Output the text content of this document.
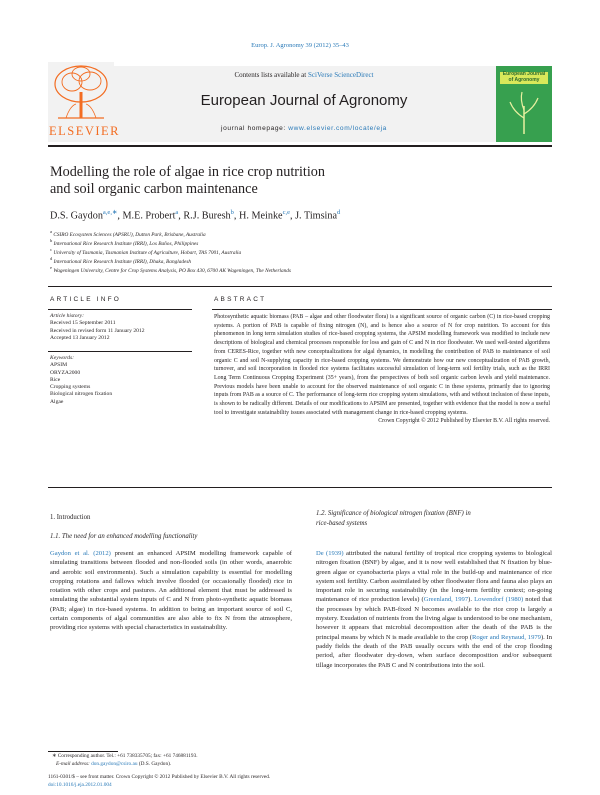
Europ. J. Agronomy 39 (2012) 35–43
ELSEVIER
Contents lists available at SciVerse ScienceDirect
European Journal of Agronomy
journal homepage: www.elsevier.com/locate/eja
European Journal of Agronomy
Modelling the role of algae in rice crop nutrition
and soil organic carbon maintenance
D.S. Gaydon$^{a,e,∗}$, M.E. Probert$^a$, R.J. Buresh$^b$, H. Meinke$^{c,e}$, J. Timsina$^d$
$^a$ CSIRO Ecosystem Sciences (APSRU), Dutton Park, Brisbane, Australia
$^b$ International Rice Research Institute (IRRI), Los Baños, Philippines
$^c$ University of Tasmania, Tasmanian Institute of Agriculture, Hobart, TAS 7001, Australia
$^d$ International Rice Research Institute (IRRI), Dhaka, Bangladesh
$^e$ Wageningen University, Centre for Crop Systems Analysis, PO Box 430, 6700 AK Wageningen, The Netherlands
ARTICLE INFO	ABSTRACT
Article history:
Received 15 September 2011
Received in revised form 11 January 2012
Accepted 13 January 2012
Keywords:
APSIM
ORYZA2000
Rice
Cropping systems
Biological nitrogen fixation
Algae
Photosynthetic aquatic biomass (PAB – algae and other floodwater flora) is a significant source of organic carbon (C) in rice-based cropping systems. A portion of PAB is capable of fixing nitrogen (N), and is hence also a source of N for crop nutrition. To account for this phenomenon in long term simulation studies of rice-based cropping systems, the APSIM modelling framework was modified to include new descriptions of biological and chemical processes responsible for loss and gain of C and N in rice floodwater. We used well-tested algorithms from CERES-Rice, together with new conceptualizations for algal dynamics, in modelling the contribution of PAB to maintenance of soil organic C and soil N-supplying capacity in rice-based cropping systems. We demonstrate how our new conceptualization of PAB growth, turnover, and soil incorporation in flooded rice systems facilitates successful simulation of long-term soil fertility trials, such as the IRRI Long Term Continuous Cropping Experiment (35+ years), from the perspectives of both soil organic carbon levels and yield maintenance. Previous models have been unable to account for the observed maintenance of soil organic C in these systems, primarily due to ignoring inputs from PAB as a source of C. The performance of long-term rice cropping system simulations, with and without inclusion of these inputs, is shown to be radically different. Details of our modifications to APSIM are presented, together with evidence that the model is now a useful tool to investigate sustainability issues associated with management change in rice-based cropping systems.
Crown Copyright © 2012 Published by Elsevier B.V. All rights reserved.
1. Introduction
1.1. The need for an enhanced modelling functionality
Gaydon et al. (2012) present an enhanced APSIM modelling framework capable of simulating transitions between flooded and non-flooded soils (in other words, anaerobic and aerobic soil environments). Such a simulation capability is essential for modelling cropping rotations and fallows which involve flooded (or occasionally flooded) rice in rotation with other crops and pastures. An additional element that must be addressed is simulating the substantial system inputs of C and N from photo-synthetic aquatic biomass (PAB; algae) in rice-based systems. In addition to being an important source of soil C, certain components of algal communities are also able to fix N from the atmosphere, providing rice systems with special characteristics in sustainability.
1.2. Significance of biological nitrogen fixation (BNF) in
rice-based systems
De (1939) attributed the natural fertility of tropical rice cropping systems to biological nitrogen fixation (BNF) by algae, and it is now well established that N fixation by blue-green algae or cyanobacteria plays a vital role in the build-up and maintenance of rice system soil fertility. Carbon assimilated by other floodwater flora and fauna also plays an important role in securing sustainability (in the long-term fertility context; on-going maintenance of rice production levels) (Greenland, 1997). Lowendorf (1980) noted that the processes by which PAB-fixed N becomes available to the rice crop is largely a mystery. Exudation of nutrients from the living algae is understood to be one mechanism, however it appears that microbial decomposition after the death of the PAB is the principal means by which N is made available to the crop (Roger and Reynaud, 1979). In paddy fields the death of the PAB usually occurs with the end of the crop flooding period, after floodwater dry-down, when surface decomposition and/or subsequent tillage incorporates the PAB C and N contributions into the soil.
∗ Corresponding author. Tel.: +61 738335705; fax: +61 746881193.
E-mail address: don.gaydon@csiro.au (D.S. Gaydon).
1161-0301/$ – see front matter. Crown Copyright © 2012 Published by Elsevier B.V. All rights reserved.
doi:10.1016/j.eja.2012.01.004
